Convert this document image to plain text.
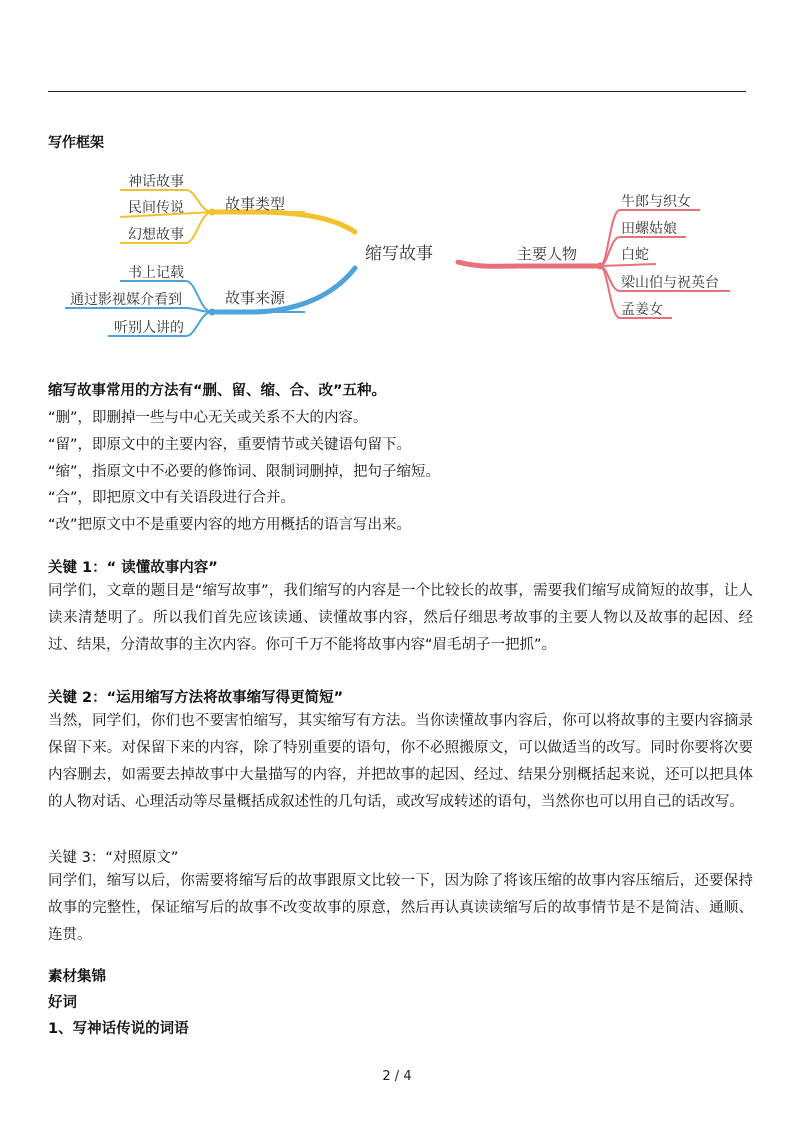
写作框架
缩写故事
故事类型
神话故事
民间传说
幻想故事
故事来源
书上记载
通过影视媒介看到
听别人讲的
主要人物
牛郎与织女
田螺姑娘
白蛇
梁山伯与祝英台
孟姜女
缩写故事常用的方法有“删、留、缩、合、改”五种。
“删”，即删掉一些与中心无关或关系不大的内容。
“留”，即原文中的主要内容，重要情节或关键语句留下。
“缩”，指原文中不必要的修饰词、限制词删掉，把句子缩短。
“合”，即把原文中有关语段进行合并。
“改”把原文中不是重要内容的地方用概括的语言写出来。
关键 1：“ 读懂故事内容”
同学们，文章的题目是“缩写故事”，我们缩写的内容是一个比较长的故事，需要我们缩写成简短的故事，让人读来清楚明了。所以我们首先应该读通、读懂故事内容，然后仔细思考故事的主要人物以及故事的起因、经过、结果，分清故事的主次内容。你可千万不能将故事内容“眉毛胡子一把抓”。
关键 2：“运用缩写方法将故事缩写得更简短”
当然，同学们，你们也不要害怕缩写，其实缩写有方法。当你读懂故事内容后，你可以将故事的主要内容摘录保留下来。对保留下来的内容，除了特别重要的语句，你不必照搬原文，可以做适当的改写。同时你要将次要内容删去，如需要去掉故事中大量描写的内容，并把故事的起因、经过、结果分别概括起来说，还可以把具体的人物对话、心理活动等尽量概括成叙述性的几句话，或改写成转述的语句，当然你也可以用自己的话改写。
关键 3：“对照原文”
同学们，缩写以后，你需要将缩写后的故事跟原文比较一下，因为除了将该压缩的故事内容压缩后，还要保持故事的完整性，保证缩写后的故事不改变故事的原意，然后再认真读读缩写后的故事情节是不是简洁、通顺、连贯。
素材集锦
好词
1、写神话传说的词语
2 / 4
